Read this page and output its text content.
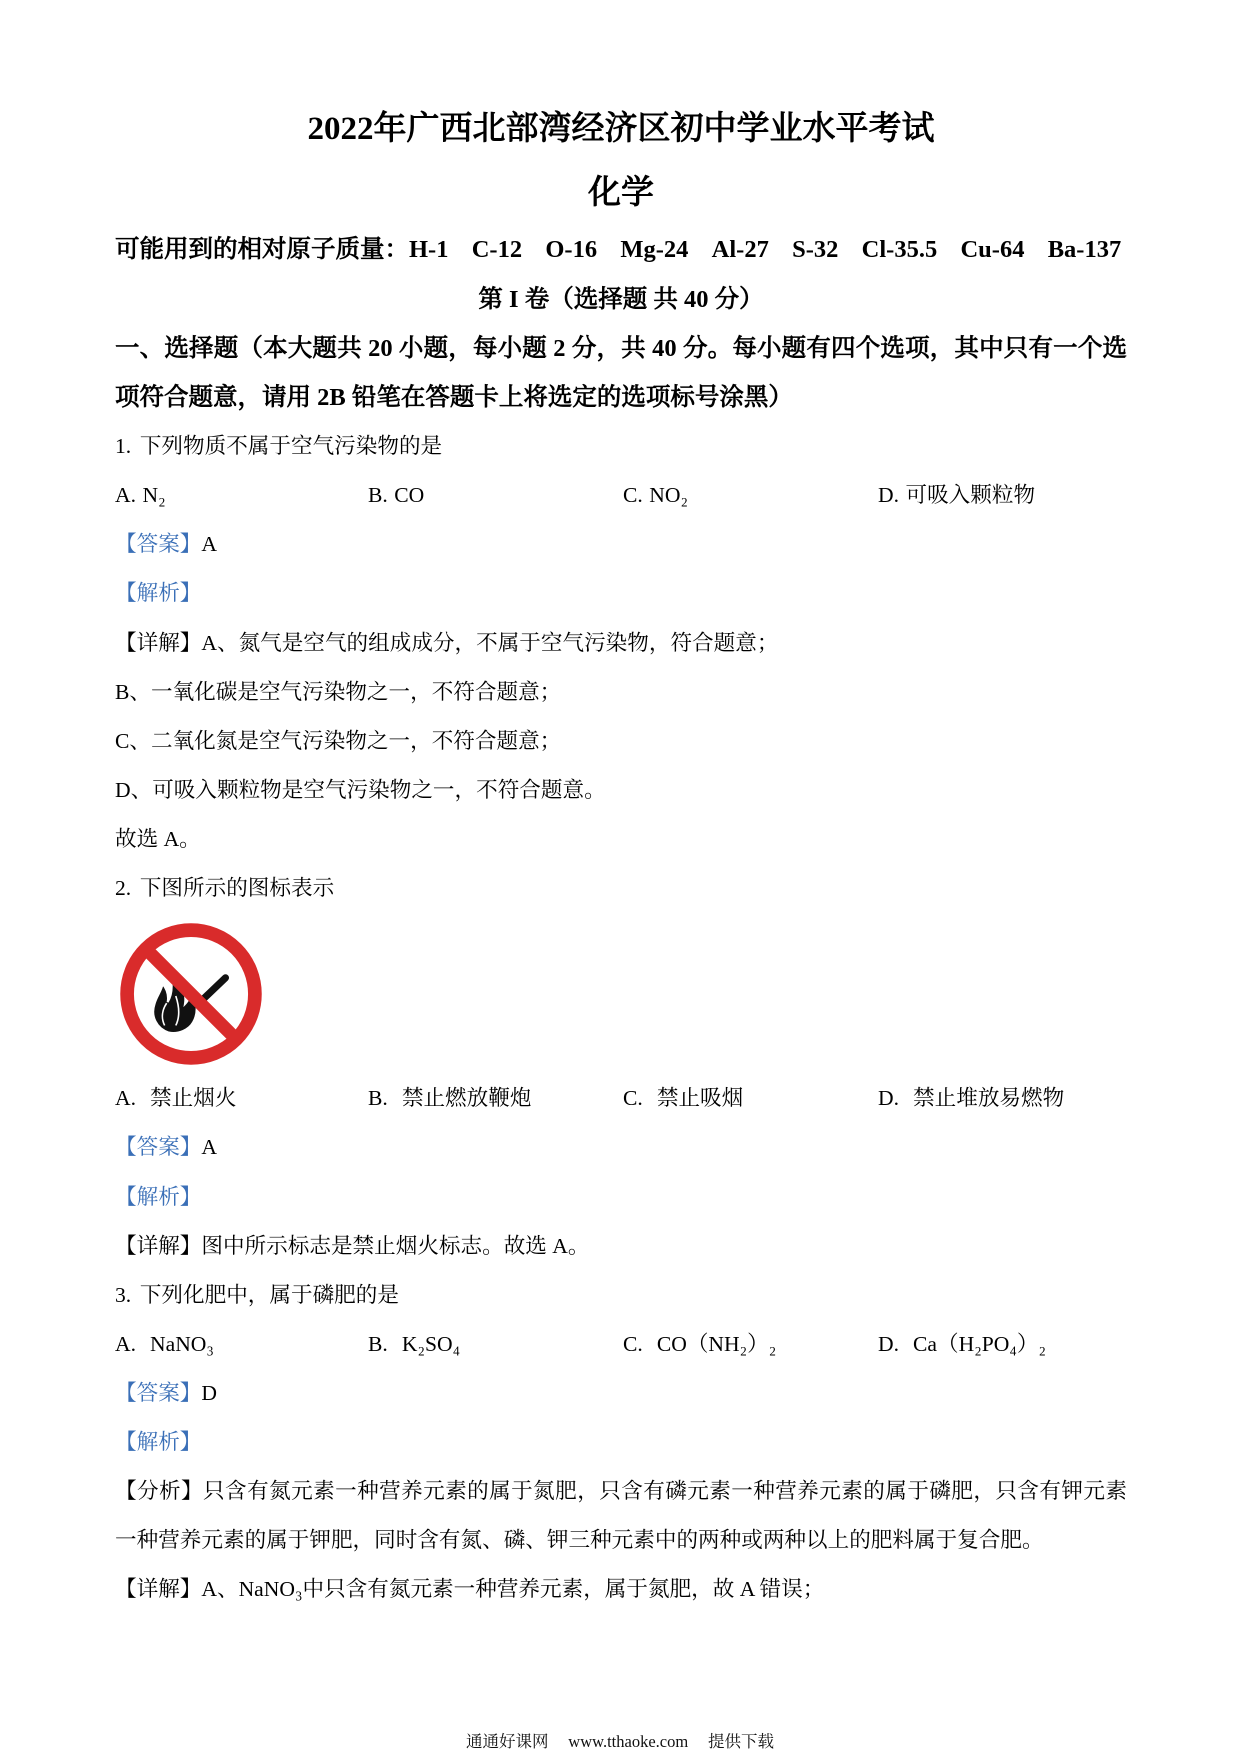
2022年广西北部湾经济区初中学业水平考试
化学
可能用到的相对原子质量：H-1 C-12 O-16 Mg-24 Al-27 S-32 Cl-35.5 Cu-64 Ba-137
第 I 卷（选择题 共 40 分）
一、选择题（本大题共 20 小题，每小题 2 分，共 40 分。每小题有四个选项，其中只有一个选
项符合题意，请用 2B 铅笔在答题卡上将选定的选项标号涂黑）
1. 下列物质不属于空气污染物的是
A. N₂	B. CO	C. NO₂	D. 可吸入颗粒物
【答案】A
【解析】
【详解】A、氮气是空气的组成成分，不属于空气污染物，符合题意；
B、一氧化碳是空气污染物之一，不符合题意；
C、二氧化氮是空气污染物之一，不符合题意；
D、可吸入颗粒物是空气污染物之一，不符合题意。
故选 A。
2. 下图所示的图标表示
A. 禁止烟火	B. 禁止燃放鞭炮	C. 禁止吸烟	D. 禁止堆放易燃物
【答案】A
【解析】
【详解】图中所示标志是禁止烟火标志。故选 A。
3. 下列化肥中，属于磷肥的是
A. NaNO₃	B. K₂SO₄	C. CO（NH₂）₂	D. Ca（H₂PO₄）₂
【答案】D
【解析】
【分析】只含有氮元素一种营养元素的属于氮肥，只含有磷元素一种营养元素的属于磷肥，只含有钾元素
一种营养元素的属于钾肥，同时含有氮、磷、钾三种元素中的两种或两种以上的肥料属于复合肥。
【详解】A、NaNO₃中只含有氮元素一种营养元素，属于氮肥，故 A 错误；
通通好课网 www.tthaoke.com 提供下载
